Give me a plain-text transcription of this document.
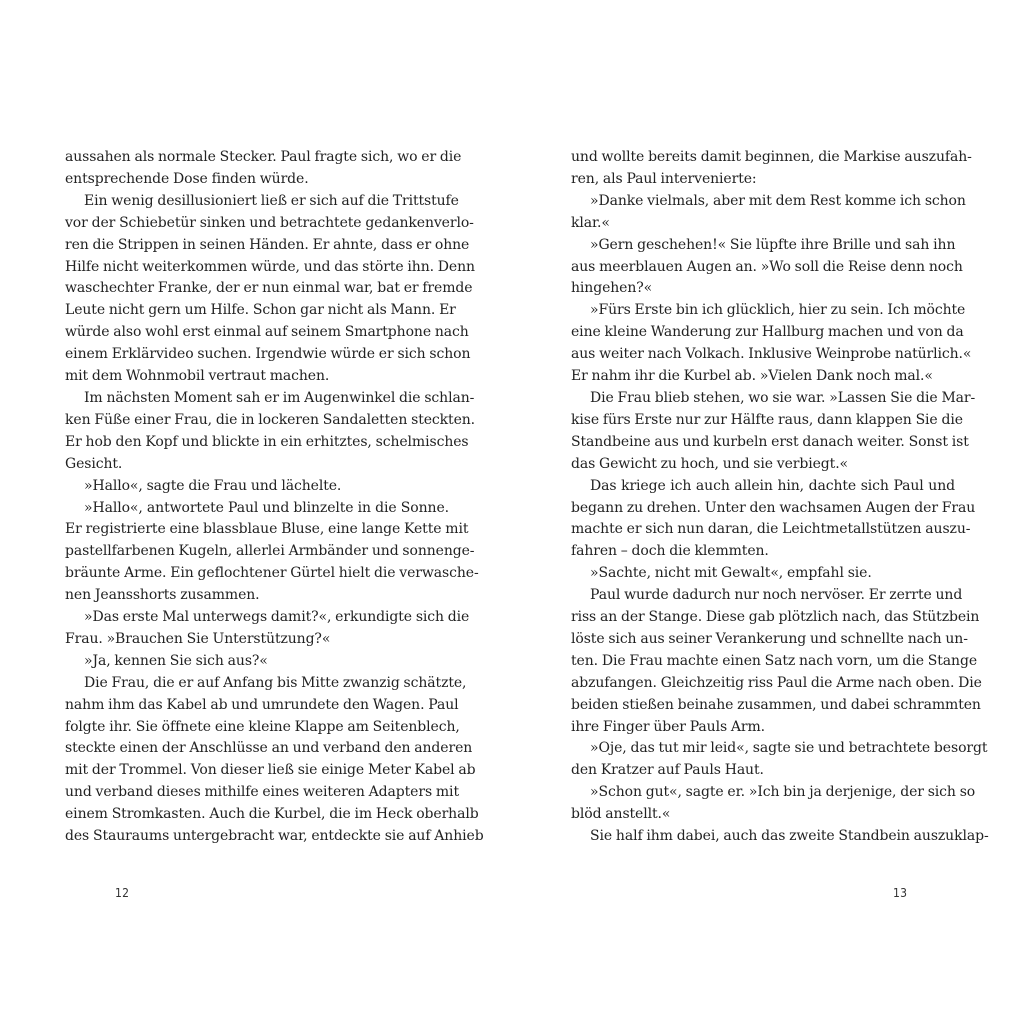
aussahen als normale Stecker. Paul fragte sich, wo er die
entsprechende Dose finden würde.

Ein wenig desillusioniert ließ er sich auf die Trittstufe
vor der Schiebetür sinken und betrachtete gedankenverlo-
ren die Strippen in seinen Händen. Er ahnte, dass er ohne
Hilfe nicht weiterkommen würde, und das störte ihn. Denn
waschechter Franke, der er nun einmal war, bat er fremde
Leute nicht gern um Hilfe. Schon gar nicht als Mann. Er
würde also wohl erst einmal auf seinem Smartphone nach
einem Erklärvideo suchen. Irgendwie würde er sich schon
mit dem Wohnmobil vertraut machen.

Im nächsten Moment sah er im Augenwinkel die schlan-
ken Füße einer Frau, die in lockeren Sandaletten steckten.
Er hob den Kopf und blickte in ein erhitztes, schelmisches
Gesicht.

»Hallo«, sagte die Frau und lächelte.

»Hallo«, antwortete Paul und blinzelte in die Sonne.
Er registrierte eine blassblaue Bluse, eine lange Kette mit
pastellfarbenen Kugeln, allerlei Armbänder und sonnenge-
bräunte Arme. Ein geflochtener Gürtel hielt die verwasche-
nen Jeansshorts zusammen.

»Das erste Mal unterwegs damit?«, erkundigte sich die
Frau. »Brauchen Sie Unterstützung?«

»Ja, kennen Sie sich aus?«

Die Frau, die er auf Anfang bis Mitte zwanzig schätzte,
nahm ihm das Kabel ab und umrundete den Wagen. Paul
folgte ihr. Sie öffnete eine kleine Klappe am Seitenblech,
steckte einen der Anschlüsse an und verband den anderen
mit der Trommel. Von dieser ließ sie einige Meter Kabel ab
und verband dieses mithilfe eines weiteren Adapters mit
einem Stromkasten. Auch die Kurbel, die im Heck oberhalb
des Stauraums untergebracht war, entdeckte sie auf Anhieb

und wollte bereits damit beginnen, die Markise auszufah-
ren, als Paul intervenierte:

»Danke vielmals, aber mit dem Rest komme ich schon
klar.«

»Gern geschehen!« Sie lüpfte ihre Brille und sah ihn
aus meerblauen Augen an. »Wo soll die Reise denn noch
hingehen?«

»Fürs Erste bin ich glücklich, hier zu sein. Ich möchte
eine kleine Wanderung zur Hallburg machen und von da
aus weiter nach Volkach. Inklusive Weinprobe natürlich.«
Er nahm ihr die Kurbel ab. »Vielen Dank noch mal.«

Die Frau blieb stehen, wo sie war. »Lassen Sie die Mar-
kise fürs Erste nur zur Hälfte raus, dann klappen Sie die
Standbeine aus und kurbeln erst danach weiter. Sonst ist
das Gewicht zu hoch, und sie verbiegt.«

Das kriege ich auch allein hin, dachte sich Paul und
begann zu drehen. Unter den wachsamen Augen der Frau
machte er sich nun daran, die Leichtmetallstützen auszu-
fahren – doch die klemmten.

»Sachte, nicht mit Gewalt«, empfahl sie.

Paul wurde dadurch nur noch nervöser. Er zerrte und
riss an der Stange. Diese gab plötzlich nach, das Stützbein
löste sich aus seiner Verankerung und schnellte nach un-
ten. Die Frau machte einen Satz nach vorn, um die Stange
abzufangen. Gleichzeitig riss Paul die Arme nach oben. Die
beiden stießen beinahe zusammen, und dabei schrammten
ihre Finger über Pauls Arm.

»Oje, das tut mir leid«, sagte sie und betrachtete besorgt
den Kratzer auf Pauls Haut.

»Schon gut«, sagte er. »Ich bin ja derjenige, der sich so
blöd anstellt.«

Sie half ihm dabei, auch das zweite Standbein auszuklap-

12	13
